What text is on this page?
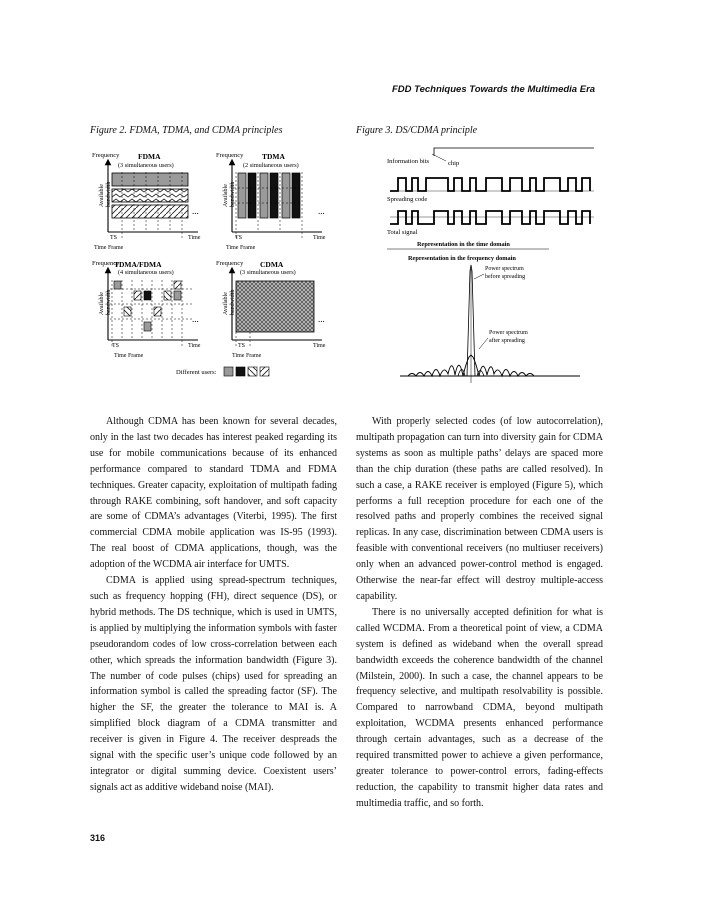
FDD Techniques Towards the Multimedia Era
Figure 2. FDMA, TDMA, and CDMA principles	Figure 3. DS/CDMA principle
Frequency FDMA
(3 simultaneous users)
Available bandwidth
...
TS	Time
Time Frame
Frequency TDMA
(2 simultaneous users)
Available bandwidth
...
TS	Time
Time Frame
Frequency
TDMA/FDMA
(4 simultaneous users)
Available bandwidth
...
TS	Time
Time Frame
Frequency CDMA
(3 simultaneous users)
Available bandwidth
...
TS	Time
Time Frame
Different users:
Information bits	chip
Spreading code
Total signal
Representation in the time domain
Representation in the frequency domain
Power spectrum
before spreading
Power spectrum
after spreading

Although CDMA has been known for several decades, only in the last two decades has interest peaked regarding its use for mobile communications because of its enhanced performance compared to standard TDMA and FDMA techniques. Greater capacity, exploitation of multipath fading through RAKE combining, soft handover, and soft capacity are some of CDMA’s advantages (Viterbi, 1995). The first commercial CDMA mobile application was IS-95 (1993). The real boost of CDMA applications, though, was the adoption of the WCDMA air interface for UMTS.

CDMA is applied using spread-spectrum techniques, such as frequency hopping (FH), direct sequence (DS), or hybrid methods. The DS technique, which is used in UMTS, is applied by multiplying the information symbols with faster pseudorandom codes of low cross-correlation between each other, which spreads the information bandwidth (Figure 3). The number of code pulses (chips) used for spreading an information symbol is called the spreading factor (SF). The higher the SF, the greater the tolerance to MAI is. A simplified block diagram of a CDMA transmitter and receiver is given in Figure 4. The receiver despreads the signal with the specific user’s unique code followed by an integrator or digital summing device. Coexistent users’ signals act as additive wideband noise (MAI).

With properly selected codes (of low autocorrelation), multipath propagation can turn into diversity gain for CDMA systems as soon as multiple paths’ delays are spaced more than the chip duration (these paths are called resolved). In such a case, a RAKE receiver is employed (Figure 5), which performs a full reception procedure for each one of the resolved paths and properly combines the received signal replicas. In any case, discrimination between CDMA users is feasible with conventional receivers (no multiuser receivers) only when an advanced power-control method is engaged. Otherwise the near-far effect will destroy multiple-access capability.

There is no universally accepted definition for what is called WCDMA. From a theoretical point of view, a CDMA system is defined as wideband when the overall spread bandwidth exceeds the coherence bandwidth of the channel (Milstein, 2000). In such a case, the channel appears to be frequency selective, and multipath resolvability is possible. Compared to narrowband CDMA, beyond multipath exploitation, WCDMA presents enhanced performance through certain advantages, such as a decrease of the required transmitted power to achieve a given performance, greater tolerance to power-control errors, fading-effects reduction, the capability to transmit higher data rates and multimedia traffic, and so forth.

316
